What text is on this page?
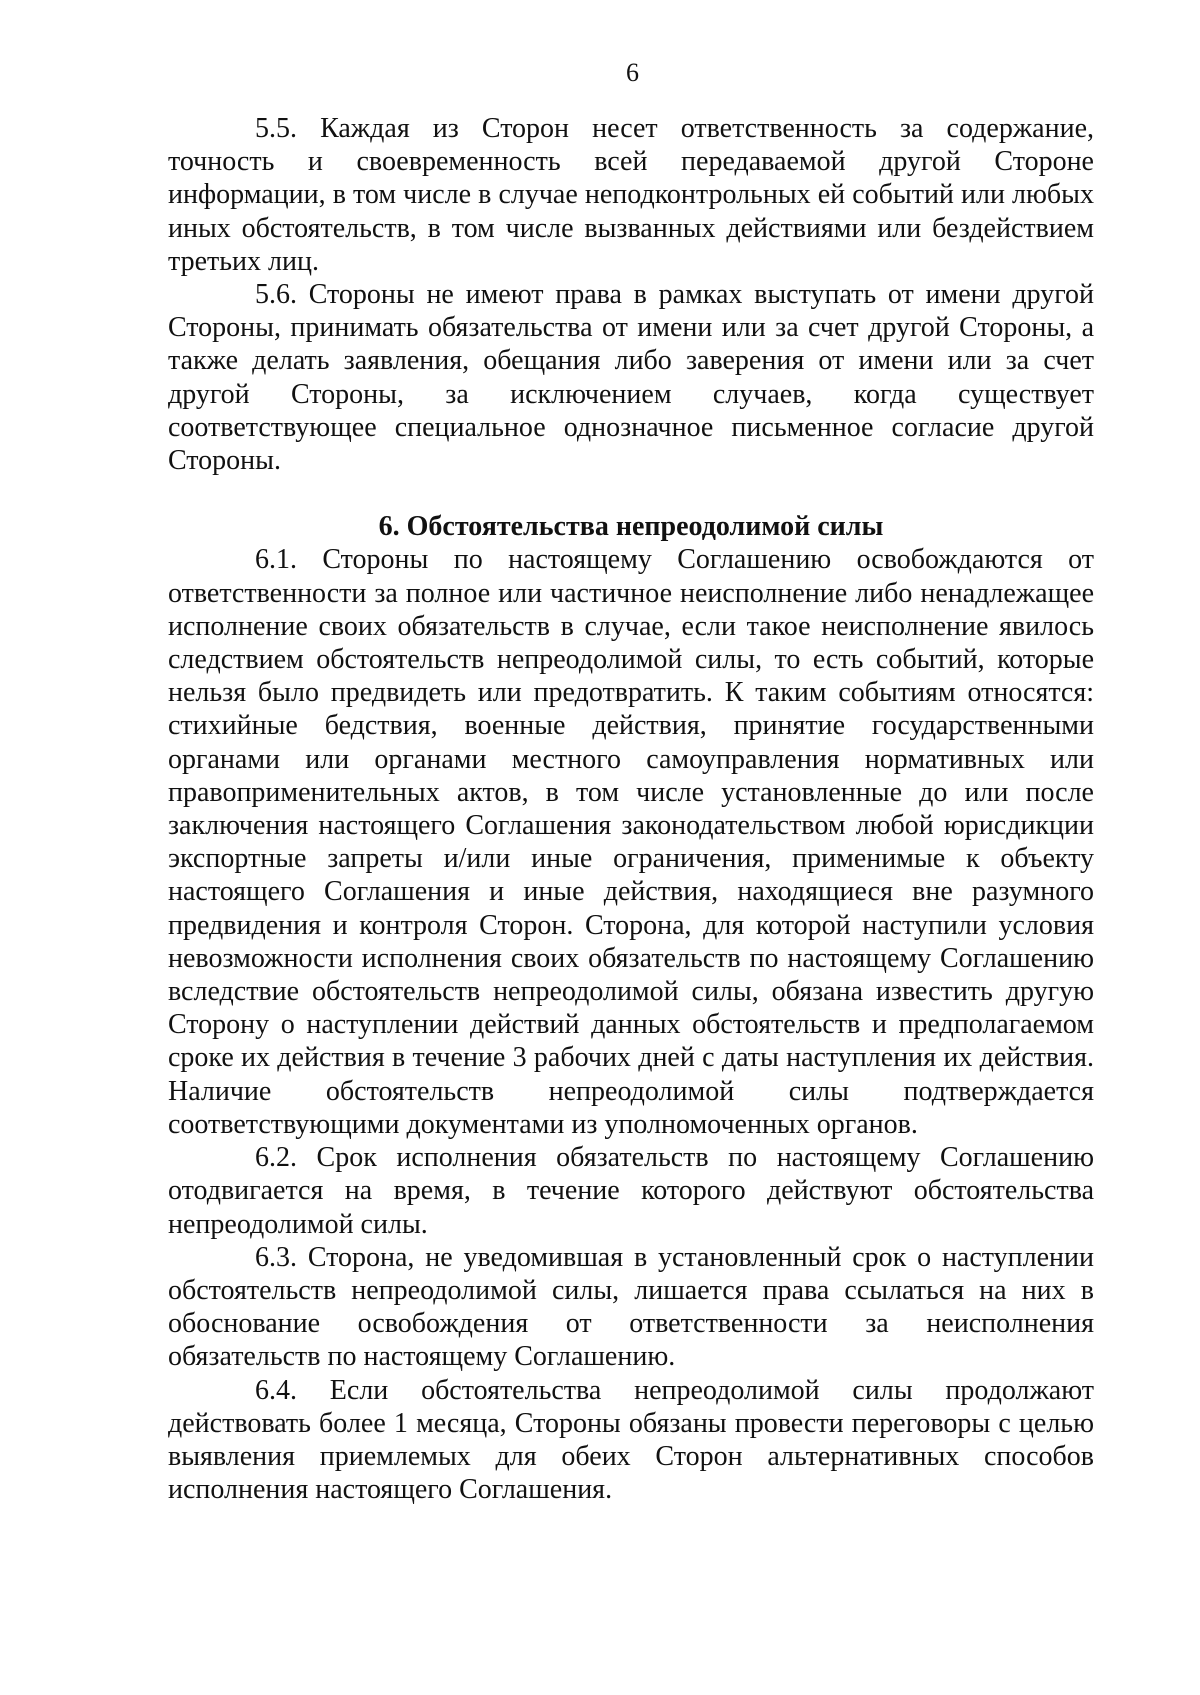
6

5.5. Каждая из Сторон несет ответственность за содержание, точность и своевременность всей передаваемой другой Стороне информации, в том числе в случае неподконтрольных ей событий или любых иных обстоятельств, в том числе вызванных действиями или бездействием третьих лиц.

5.6. Стороны не имеют права в рамках выступать от имени другой Стороны, принимать обязательства от имени или за счет другой Стороны, а также делать заявления, обещания либо заверения от имени или за счет другой Стороны, за исключением случаев, когда существует соответствующее специальное однозначное письменное согласие другой Стороны.

6. Обстоятельства непреодолимой силы

6.1. Стороны по настоящему Соглашению освобождаются от ответственности за полное или частичное неисполнение либо ненадлежащее исполнение своих обязательств в случае, если такое неисполнение явилось следствием обстоятельств непреодолимой силы, то есть событий, которые нельзя было предвидеть или предотвратить. К таким событиям относятся: стихийные бедствия, военные действия, принятие государственными органами или органами местного самоуправления нормативных или правоприменительных актов, в том числе установленные до или после заключения настоящего Соглашения законодательством любой юрисдикции экспортные запреты и/или иные ограничения, применимые к объекту настоящего Соглашения и иные действия, находящиеся вне разумного предвидения и контроля Сторон. Сторона, для которой наступили условия невозможности исполнения своих обязательств по настоящему Соглашению вследствие обстоятельств непреодолимой силы, обязана известить другую Сторону о наступлении действий данных обстоятельств и предполагаемом сроке их действия в течение 3 рабочих дней с даты наступления их действия. Наличие обстоятельств непреодолимой силы подтверждается соответствующими документами из уполномоченных органов.

6.2. Срок исполнения обязательств по настоящему Соглашению отодвигается на время, в течение которого действуют обстоятельства непреодолимой силы.

6.3. Сторона, не уведомившая в установленный срок о наступлении обстоятельств непреодолимой силы, лишается права ссылаться на них в обоснование освобождения от ответственности за неисполнения обязательств по настоящему Соглашению.

6.4. Если обстоятельства непреодолимой силы продолжают действовать более 1 месяца, Стороны обязаны провести переговоры с целью выявления приемлемых для обеих Сторон альтернативных способов исполнения настоящего Соглашения.
